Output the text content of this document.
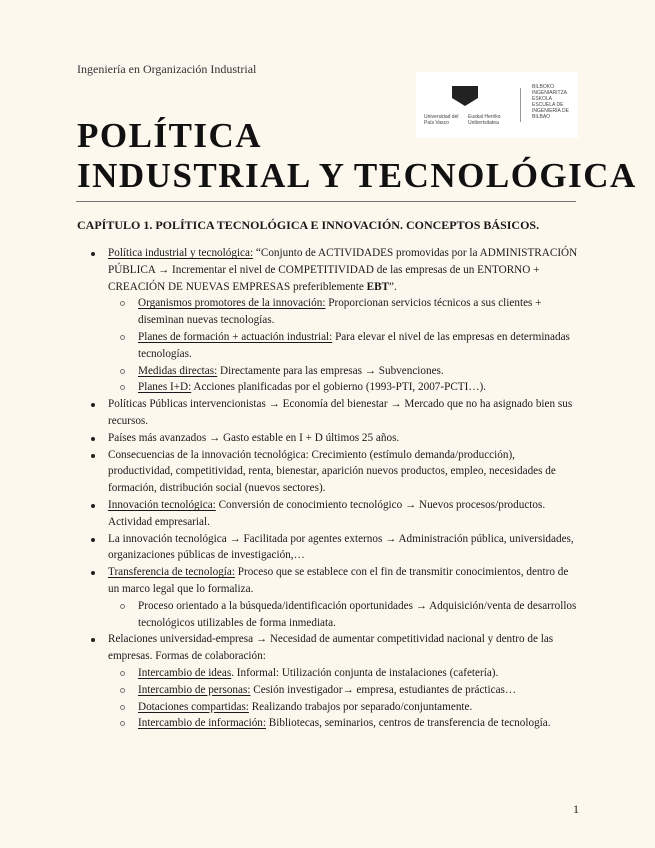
Ingeniería en Organización Industrial
Universidad del País Vasco
Euskal Herriko Unibertsitatea
BILBOKO INGENIARITZA ESKOLA ESCUELA DE INGENIERÍA DE BILBAO
POLÍTICA
INDUSTRIAL Y TECNOLÓGICA
CAPÍTULO 1. POLÍTICA TECNOLÓGICA E INNOVACIÓN. CONCEPTOS BÁSICOS.
Política industrial y tecnológica: “Conjunto de ACTIVIDADES promovidas por la ADMINISTRACIÓN PÚBLICA → Incrementar el nivel de COMPETITIVIDAD de las empresas de un ENTORNO + CREACIÓN DE NUEVAS EMPRESAS preferiblemente EBT”.
Organismos promotores de la innovación: Proporcionan servicios técnicos a sus clientes + diseminan nuevas tecnologías.
Planes de formación + actuación industrial: Para elevar el nivel de las empresas en determinadas tecnologías.
Medidas directas: Directamente para las empresas → Subvenciones.
Planes I+D: Acciones planificadas por el gobierno (1993-PTI, 2007-PCTI…).
Políticas Públicas intervencionistas → Economía del bienestar → Mercado que no ha asignado bien sus recursos.
Países más avanzados → Gasto estable en I + D últimos 25 años.
Consecuencias de la innovación tecnológica: Crecimiento (estímulo demanda/producción), productividad, competitividad, renta, bienestar, aparición nuevos productos, empleo, necesidades de formación, distribución social (nuevos sectores).
Innovación tecnológica: Conversión de conocimiento tecnológico → Nuevos procesos/productos. Actividad empresarial.
La innovación tecnológica → Facilitada por agentes externos → Administración pública, universidades, organizaciones públicas de investigación,…
Transferencia de tecnología: Proceso que se establece con el fin de transmitir conocimientos, dentro de un marco legal que lo formaliza.
Proceso orientado a la búsqueda/identificación oportunidades → Adquisición/venta de desarrollos tecnológicos utilizables de forma inmediata.
Relaciones universidad-empresa → Necesidad de aumentar competitividad nacional y dentro de las empresas. Formas de colaboración:
Intercambio de ideas. Informal: Utilización conjunta de instalaciones (cafetería).
Intercambio de personas: Cesión investigador→ empresa, estudiantes de prácticas…
Dotaciones compartidas: Realizando trabajos por separado/conjuntamente.
Intercambio de información: Bibliotecas, seminarios, centros de transferencia de tecnología.
1
